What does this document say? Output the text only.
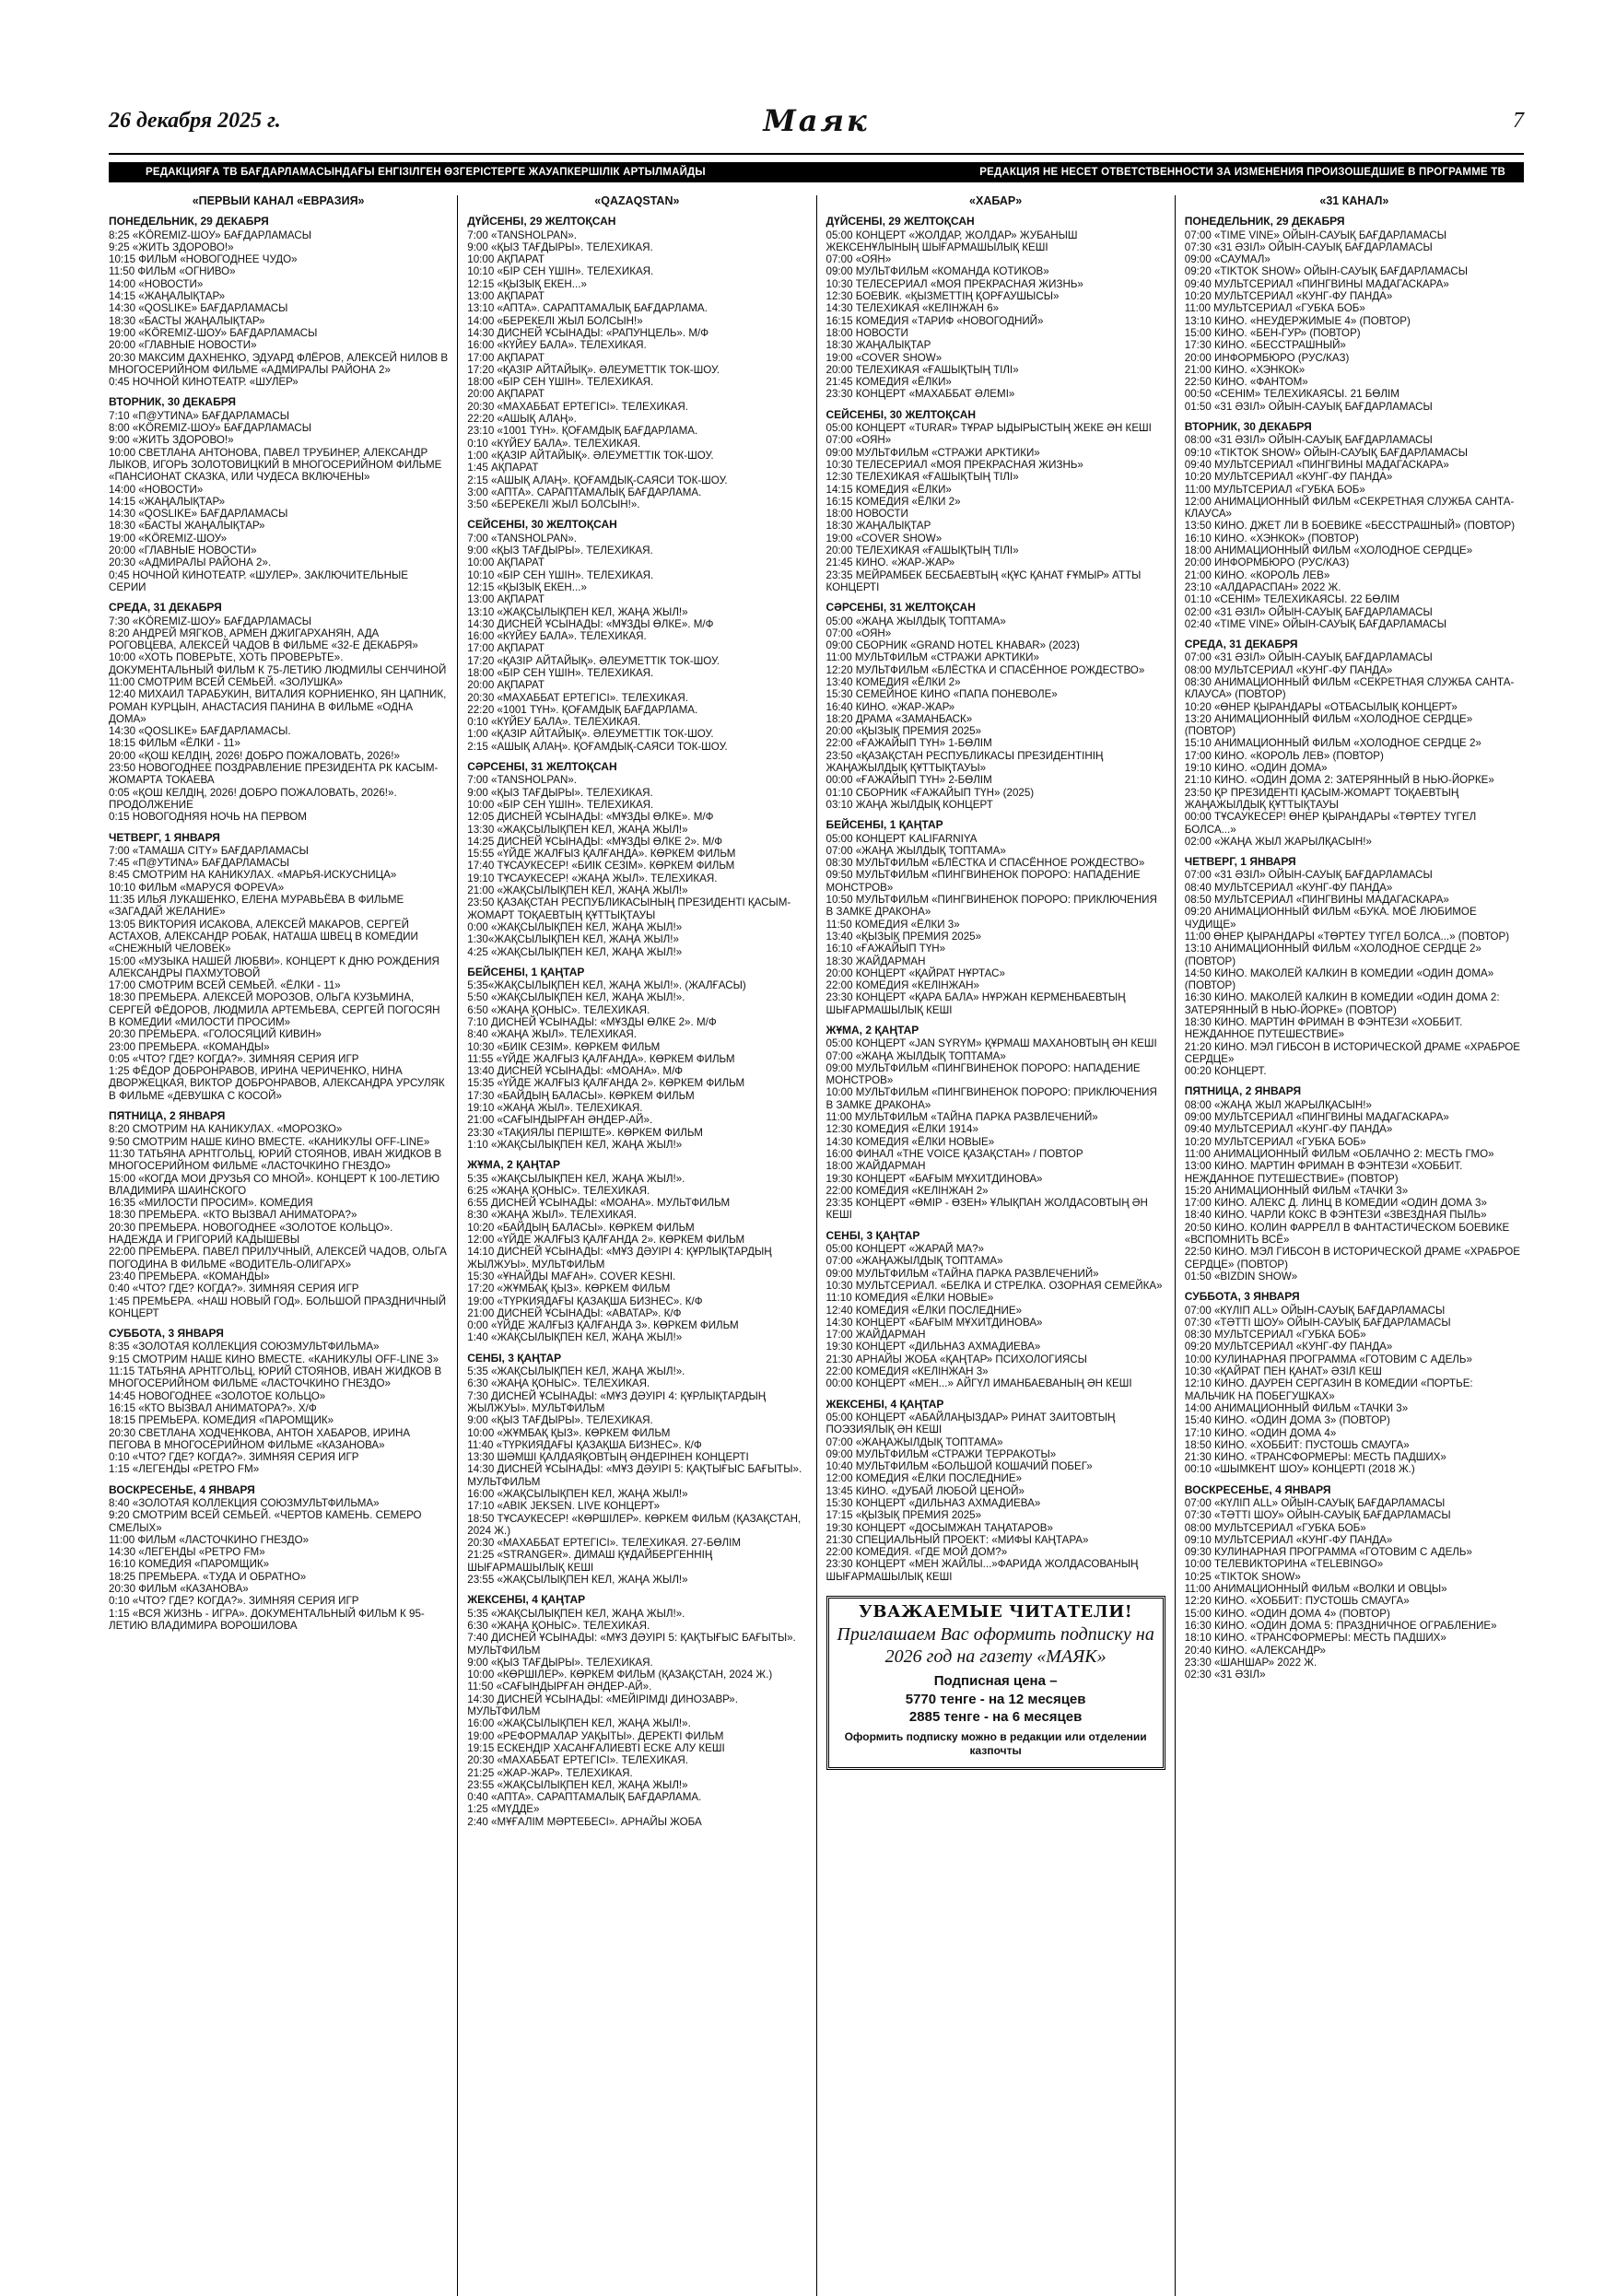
26 декабря 2025 г.	Маяк	7
РЕДАКЦИЯҒА ТВ БАҒДАРЛАМАСЫНДАҒЫ ЕНГІЗІЛГЕН ӨЗГЕРІСТЕРГЕ ЖАУАПКЕРШІЛІК АРТЫЛМАЙДЫ	РЕДАКЦИЯ НЕ НЕСЕТ ОТВЕТСТВЕННОСТИ ЗА ИЗМЕНЕНИЯ ПРОИЗОШЕДШИЕ В ПРОГРАММЕ ТВ
«ПЕРВЫЙ КАНАЛ «ЕВРАЗИЯ»
ПОНЕДЕЛЬНИК, 29 ДЕКАБРЯ
8:25 «KÖREMIZ-ШОУ» БАҒДАРЛАМАСЫ
9:25 «ЖИТЬ ЗДОРОВО!»
10:15 ФИЛЬМ «НОВОГОДНЕЕ ЧУДО»
11:50 ФИЛЬМ «ОГНИВО»
14:00 «НОВОСТИ»
14:15 «ЖАҢАЛЫҚТАР»
14:30 «QOSLIKE» БАҒДАРЛАМАСЫ
18:30 «БАСТЫ ЖАҢАЛЫҚТАР»
19:00 «KÖREMIZ-ШОУ» БАҒДАРЛАМАСЫ
20:00 «ГЛАВНЫЕ НОВОСТИ»
20:30 МАКСИМ ДАХНЕНКО, ЭДУАРД ФЛЁРОВ, АЛЕКСЕЙ НИЛОВ В МНОГОСЕРИЙНОМ ФИЛЬМЕ «АДМИРАЛЫ РАЙОНА 2»
0:45 НОЧНОЙ КИНОТЕАТР. «ШУЛЕР»
ВТОРНИК, 30 ДЕКАБРЯ
7:10 «П@УТИNA» БАҒДАРЛАМАСЫ
8:00 «KÖREMIZ-ШОУ» БАҒДАРЛАМАСЫ
9:00 «ЖИТЬ ЗДОРОВО!»
10:00 СВЕТЛАНА АНТОНОВА, ПАВЕЛ ТРУБИНЕР, АЛЕКСАНДР ЛЫКОВ, ИГОРЬ ЗОЛОТОВИЦКИЙ В МНОГОСЕРИЙНОМ ФИЛЬМЕ «ПАНСИОНАТ СКАЗКА, ИЛИ ЧУДЕСА ВКЛЮЧЕНЫ»
14:00 «НОВОСТИ»
14:15 «ЖАҢАЛЫҚТАР»
14:30 «QOSLIKE» БАҒДАРЛАМАСЫ
18:30 «БАСТЫ ЖАҢАЛЫҚТАР»
19:00 «KÖREMIZ-ШОУ»
20:00 «ГЛАВНЫЕ НОВОСТИ»
20:30 «АДМИРАЛЫ РАЙОНА 2».
0:45 НОЧНОЙ КИНОТЕАТР. «ШУЛЕР». ЗАКЛЮЧИТЕЛЬНЫЕ СЕРИИ
СРЕДА, 31 ДЕКАБРЯ
7:30 «KÖREMIZ-ШОУ» БАҒДАРЛАМАСЫ
8:20 АНДРЕЙ МЯГКОВ, АРМЕН ДЖИГАРХАНЯН, АДА РОГОВЦЕВА, АЛЕКСЕЙ ЧАДОВ В ФИЛЬМЕ «32-Е ДЕКАБРЯ»
10:00 «ХОТЬ ПОВЕРЬТЕ, ХОТЬ ПРОВЕРЬТЕ». ДОКУМЕНТАЛЬНЫЙ ФИЛЬМ К 75-ЛЕТИЮ ЛЮДМИЛЫ СЕНЧИНОЙ
11:00 СМОТРИМ ВСЕЙ СЕМЬЕЙ. «ЗОЛУШКА»
12:40 МИХАИЛ ТАРАБУКИН, ВИТАЛИЯ КОРНИЕНКО, ЯН ЦАПНИК, РОМАН КУРЦЫН, АНАСТАСИЯ ПАНИНА В ФИЛЬМЕ «ОДНА ДОМА»
14:30 «QOSLIKE» БАҒДАРЛАМАСЫ.
18:15 ФИЛЬМ «ЁЛКИ - 11»
20:00 «ҚОШ КЕЛДІҢ, 2026! ДОБРО ПОЖАЛОВАТЬ, 2026!»
23:50 НОВОГОДНЕЕ ПОЗДРАВЛЕНИЕ ПРЕЗИДЕНТА РК КАСЫМ-ЖОМАРТА ТОКАЕВА
0:05 «ҚОШ КЕЛДІҢ, 2026! ДОБРО ПОЖАЛОВАТЬ, 2026!». ПРОДОЛЖЕНИЕ
0:15 НОВОГОДНЯЯ НОЧЬ НА ПЕРВОМ
ЧЕТВЕРГ, 1 ЯНВАРЯ
7:00 «ТАМАША CITY» БАҒДАРЛАМАСЫ
7:45 «П@УТИNA» БАҒДАРЛАМАСЫ
8:45 СМОТРИМ НА КАНИКУЛАХ. «МАРЬЯ-ИСКУСНИЦА»
10:10 ФИЛЬМ «МАРУСЯ ФОРЕVA»
11:35 ИЛЬЯ ЛУКАШЕНКО, ЕЛЕНА МУРАВЬЁВА В ФИЛЬМЕ «ЗАГАДАЙ ЖЕЛАНИЕ»
13:05 ВИКТОРИЯ ИСАКОВА, АЛЕКСЕЙ МАКАРОВ, СЕРГЕЙ АСТАХОВ, АЛЕКСАНДР РОБАК, НАТАША ШВЕЦ В КОМЕДИИ «СНЕЖНЫЙ ЧЕЛОВЕК»
15:00 «МУЗЫКА НАШЕЙ ЛЮБВИ». КОНЦЕРТ К ДНЮ РОЖДЕНИЯ АЛЕКСАНДРЫ ПАХМУТОВОЙ
17:00 СМОТРИМ ВСЕЙ СЕМЬЕЙ. «ЁЛКИ - 11»
18:30 ПРЕМЬЕРА. АЛЕКСЕЙ МОРОЗОВ, ОЛЬГА КУЗЬМИНА, СЕРГЕЙ ФЁДОРОВ, ЛЮДМИЛА АРТЕМЬЕВА, СЕРГЕЙ ПОГОСЯН В КОМЕДИИ «МИЛОСТИ ПРОСИМ»
20:30 ПРЕМЬЕРА. «ГОЛОСЯЦИЙ КИВИН»
23:00 ПРЕМЬЕРА. «КОМАНДЫ»
0:05 «ЧТО? ГДЕ? КОГДА?». ЗИМНЯЯ СЕРИЯ ИГР
1:25 ФЁДОР ДОБРОНРАВОВ, ИРИНА ЧЕРИЧЕНКО, НИНА ДВОРЖЕЦКАЯ, ВИКТОР ДОБРОНРАВОВ, АЛЕКСАНДРА УРСУЛЯК В ФИЛЬМЕ «ДЕВУШКА С КОСОЙ»
ПЯТНИЦА, 2 ЯНВАРЯ
8:20 СМОТРИМ НА КАНИКУЛАХ. «МОРОЗКО»
9:50 СМОТРИМ НАШЕ КИНО ВМЕСТЕ. «КАНИКУЛЫ OFF-LINE»
11:30 ТАТЬЯНА АРНТГОЛЬЦ, ЮРИЙ СТОЯНОВ, ИВАН ЖИДКОВ В МНОГОСЕРИЙНОМ ФИЛЬМЕ «ЛАСТОЧКИНО ГНЕЗДО»
15:00 «КОГДА МОИ ДРУЗЬЯ СО МНОЙ». КОНЦЕРТ К 100-ЛЕТИЮ ВЛАДИМИРА ШАИНСКОГО
16:35 «МИЛОСТИ ПРОСИМ». КОМЕДИЯ
18:30 ПРЕМЬЕРА. «КТО ВЫЗВАЛ АНИМАТОРА?»
20:30 ПРЕМЬЕРА. НОВОГОДНЕЕ «ЗОЛОТОЕ КОЛЬЦО». НАДЕЖДА И ГРИГОРИЙ КАДЫШЕВЫ
22:00 ПРЕМЬЕРА. ПАВЕЛ ПРИЛУЧНЫЙ, АЛЕКСЕЙ ЧАДОВ, ОЛЬГА ПОГОДИНА В ФИЛЬМЕ «ВОДИТЕЛЬ-ОЛИГАРХ»
23:40 ПРЕМЬЕРА. «КОМАНДЫ»
0:40 «ЧТО? ГДЕ? КОГДА?». ЗИМНЯЯ СЕРИЯ ИГР
1:45 ПРЕМЬЕРА. «НАШ НОВЫЙ ГОД». БОЛЬШОЙ ПРАЗДНИЧНЫЙ КОНЦЕРТ
СУББОТА, 3 ЯНВАРЯ
8:35 «ЗОЛОТАЯ КОЛЛЕКЦИЯ СОЮЗМУЛЬТФИЛЬМА»
9:15 СМОТРИМ НАШЕ КИНО ВМЕСТЕ. «КАНИКУЛЫ OFF-LINE 3»
11:15 ТАТЬЯНА АРНТГОЛЬЦ, ЮРИЙ СТОЯНОВ, ИВАН ЖИДКОВ В МНОГОСЕРИЙНОМ ФИЛЬМЕ «ЛАСТОЧКИНО ГНЕЗДО»
14:45 НОВОГОДНЕЕ «ЗОЛОТОЕ КОЛЬЦО»
16:15 «КТО ВЫЗВАЛ АНИМАТОРА?». Х/Ф
18:15 ПРЕМЬЕРА. КОМЕДИЯ «ПАРОМЩИК»
20:30 СВЕТЛАНА ХОДЧЕНКОВА, АНТОН ХАБАРОВ, ИРИНА ПЕГОВА В МНОГОСЕРИЙНОМ ФИЛЬМЕ «КАЗАНОВА»
0:10 «ЧТО? ГДЕ? КОГДА?». ЗИМНЯЯ СЕРИЯ ИГР
1:15 «ЛЕГЕНДЫ «РЕТРО FM»
ВОСКРЕСЕНЬЕ, 4 ЯНВАРЯ
8:40 «ЗОЛОТАЯ КОЛЛЕКЦИЯ СОЮЗМУЛЬТФИЛЬМА»
9:20 СМОТРИМ ВСЕЙ СЕМЬЕЙ. «ЧЕРТОВ КАМЕНЬ. СЕМЕРО СМЕЛЫХ»
11:00 ФИЛЬМ «ЛАСТОЧКИНО ГНЕЗДО»
14:30 «ЛЕГЕНДЫ «РЕТРО FM»
16:10 КОМЕДИЯ «ПАРОМЩИК»
18:25 ПРЕМЬЕРА. «ТУДА И ОБРАТНО»
20:30 ФИЛЬМ «КАЗАНОВА»
0:10 «ЧТО? ГДЕ? КОГДА?». ЗИМНЯЯ СЕРИЯ ИГР
1:15 «ВСЯ ЖИЗНЬ - ИГРА». ДОКУМЕНТАЛЬНЫЙ ФИЛЬМ К 95-ЛЕТИЮ ВЛАДИМИРА ВОРОШИЛОВА
«QAZAQSTAN»
ДҮЙСЕНБІ, 29 ЖЕЛТОҚСАН
7:00 «TANSHOLPAN».
9:00 «ҚЫЗ ТАҒДЫРЫ». ТЕЛЕХИКАЯ.
10:00 АҚПАРАТ
10:10 «БІР СЕН ҮШІН». ТЕЛЕХИКАЯ.
12:15 «ҚЫЗЫҚ ЕКЕН...»
13:00 АҚПАРАТ
13:10 «АПТА». САРАПТАМАЛЫҚ БАҒДАРЛАМА.
14:00 «БЕРЕКЕЛІ ЖЫЛ БОЛСЫН!»
14:30 ДИСНЕЙ ҰСЫНАДЫ: «РАПУНЦЕЛЬ». М/Ф
16:00 «КҮЙЕУ БАЛА». ТЕЛЕХИКАЯ.
17:00 АҚПАРАТ
17:20 «ҚАЗІР АЙТАЙЫҚ». ӘЛЕУМЕТТІК ТОК-ШОУ.
18:00 «БІР СЕН ҮШІН». ТЕЛЕХИКАЯ.
20:00 АҚПАРАТ
20:30 «МАХАББАТ ЕРТЕГІСІ». ТЕЛЕХИКАЯ.
22:20 «АШЫҚ АЛАҢ».
23:10 «1001 ТҮН». ҚОҒАМДЫҚ БАҒДАРЛАМА.
0:10 «КҮЙЕУ БАЛА». ТЕЛЕХИКАЯ.
1:00 «ҚАЗІР АЙТАЙЫҚ». ӘЛЕУМЕТТІК ТОК-ШОУ.
1:45 АҚПАРАТ
2:15 «АШЫҚ АЛАҢ». ҚОҒАМДЫҚ-САЯСИ ТОК-ШОУ.
3:00 «АПТА». САРАПТАМАЛЫҚ БАҒДАРЛАМА.
3:50 «БЕРЕКЕЛІ ЖЫЛ БОЛСЫН!».
СЕЙСЕНБІ, 30 ЖЕЛТОҚСАН
7:00 «TANSHOLPAN».
9:00 «ҚЫЗ ТАҒДЫРЫ». ТЕЛЕХИКАЯ.
10:00 АҚПАРАТ
10:10 «БІР СЕН ҮШІН». ТЕЛЕХИКАЯ.
12:15 «ҚЫЗЫҚ ЕКЕН...»
13:00 АҚПАРАТ
13:10 «ЖАҚСЫЛЫҚПЕН КЕЛ, ЖАҢА ЖЫЛ!»
14:30 ДИСНЕЙ ҰСЫНАДЫ: «МҰЗДЫ ӨЛКЕ». М/Ф
16:00 «КҮЙЕУ БАЛА». ТЕЛЕХИКАЯ.
17:00 АҚПАРАТ
17:20 «ҚАЗІР АЙТАЙЫҚ». ӘЛЕУМЕТТІК ТОК-ШОУ.
18:00 «БІР СЕН ҮШІН». ТЕЛЕХИКАЯ.
20:00 АҚПАРАТ
20:30 «МАХАББАТ ЕРТЕГІСІ». ТЕЛЕХИКАЯ.
22:20 «1001 ТҮН». ҚОҒАМДЫҚ БАҒДАРЛАМА.
0:10 «КҮЙЕУ БАЛА». ТЕЛЕХИКАЯ.
1:00 «ҚАЗІР АЙТАЙЫҚ». ӘЛЕУМЕТТІК ТОК-ШОУ.
2:15 «АШЫҚ АЛАҢ». ҚОҒАМДЫҚ-САЯСИ ТОК-ШОУ.
СӘРСЕНБІ, 31 ЖЕЛТОҚСАН
7:00 «TANSHOLPAN».
9:00 «ҚЫЗ ТАҒДЫРЫ». ТЕЛЕХИКАЯ.
10:00 «БІР СЕН ҮШІН». ТЕЛЕХИКАЯ.
12:05 ДИСНЕЙ ҰСЫНАДЫ: «МҰЗДЫ ӨЛКЕ». М/Ф
13:30 «ЖАҚСЫЛЫҚПЕН КЕЛ, ЖАҢА ЖЫЛ!»
14:25 ДИСНЕЙ ҰСЫНАДЫ: «МҰЗДЫ ӨЛКЕ 2». М/Ф
15:55 «ҮЙДЕ ЖАЛҒЫЗ ҚАЛҒАНДА». КӨРКЕМ ФИЛЬМ
17:40 ТҰСАУКЕСЕР! «БИІК СЕЗІМ». КӨРКЕМ ФИЛЬМ
19:10 ТҰСАУКЕСЕР! «ЖАҢА ЖЫЛ». ТЕЛЕХИКАЯ.
21:00 «ЖАҚСЫЛЫҚПЕН КЕЛ, ЖАҢА ЖЫЛ!»
23:50 ҚАЗАҚСТАН РЕСПУБЛИКАСЫНЫҢ ПРЕЗИДЕНТІ ҚАСЫМ-ЖОМАРТ ТОҚАЕВТЫҢ ҚҰТТЫҚТАУЫ
0:00 «ЖАҚСЫЛЫҚПЕН КЕЛ, ЖАҢА ЖЫЛ!»
1:30«ЖАҚСЫЛЫҚПЕН КЕЛ, ЖАҢА ЖЫЛ!»
4:25 «ЖАҚСЫЛЫҚПЕН КЕЛ, ЖАҢА ЖЫЛ!»
БЕЙСЕНБІ, 1 ҚАҢТАР
5:35«ЖАҚСЫЛЫҚПЕН КЕЛ, ЖАҢА ЖЫЛ!». (ЖАЛҒАСЫ)
5:50 «ЖАҚСЫЛЫҚПЕН КЕЛ, ЖАҢА ЖЫЛ!».
6:50 «ЖАҢА ҚОНЫС». ТЕЛЕХИКАЯ.
7:10 ДИСНЕЙ ҰСЫНАДЫ: «МҰЗДЫ ӨЛКЕ 2». М/Ф
8:40 «ЖАҢА ЖЫЛ». ТЕЛЕХИКАЯ.
10:30 «БИІК СЕЗІМ». КӨРКЕМ ФИЛЬМ
11:55 «ҮЙДЕ ЖАЛҒЫЗ ҚАЛҒАНДА». КӨРКЕМ ФИЛЬМ
13:40 ДИСНЕЙ ҰСЫНАДЫ: «МОАНА». М/Ф
15:35 «ҮЙДЕ ЖАЛҒЫЗ ҚАЛҒАНДА 2». КӨРКЕМ ФИЛЬМ
17:30 «БАЙДЫҢ БАЛАСЫ». КӨРКЕМ ФИЛЬМ
19:10 «ЖАҢА ЖЫЛ». ТЕЛЕХИКАЯ.
21:00 «САҒЫНДЫРҒАН ӘНДЕР-АЙ».
23:30 «ТАҚИЯЛЫ ПЕРІШТЕ». КӨРКЕМ ФИЛЬМ
1:10 «ЖАҚСЫЛЫҚПЕН КЕЛ, ЖАҢА ЖЫЛ!»
ЖҰМА, 2 ҚАҢТАР
5:35 «ЖАҚСЫЛЫҚПЕН КЕЛ, ЖАҢА ЖЫЛ!».
6:25 «ЖАҢА ҚОНЫС». ТЕЛЕХИКАЯ.
6:55 ДИСНЕЙ ҰСЫНАДЫ: «МОАНА». МУЛЬТФИЛЬМ
8:30 «ЖАҢА ЖЫЛ». ТЕЛЕХИКАЯ.
10:20 «БАЙДЫҢ БАЛАСЫ». КӨРКЕМ ФИЛЬМ
12:00 «ҮЙДЕ ЖАЛҒЫЗ ҚАЛҒАНДА 2». КӨРКЕМ ФИЛЬМ
14:10 ДИСНЕЙ ҰСЫНАДЫ: «МҰЗ ДӘУІРІ 4: ҚҰРЛЫҚТАРДЫҢ ЖЫЛЖУЫ». МУЛЬТФИЛЬМ
15:30 «ҰНАЙДЫ МАҒАН». COVER KESHI.
17:20 «ЖҰМБАҚ ҚЫЗ». КӨРКЕМ ФИЛЬМ
19:00 «ТҮРКИЯДАҒЫ ҚАЗАҚША БИЗНЕС». К/Ф
21:00 ДИСНЕЙ ҰСЫНАДЫ: «АВАТАР». К/Ф
0:00 «ҮЙДЕ ЖАЛҒЫЗ ҚАЛҒАНДА 3». КӨРКЕМ ФИЛЬМ
1:40 «ЖАҚСЫЛЫҚПЕН КЕЛ, ЖАҢА ЖЫЛ!»
СЕНБІ, 3 ҚАҢТАР
5:35 «ЖАҚСЫЛЫҚПЕН КЕЛ, ЖАҢА ЖЫЛ!».
6:30 «ЖАҢА ҚОНЫС». ТЕЛЕХИКАЯ.
7:30 ДИСНЕЙ ҰСЫНАДЫ: «МҰЗ ДӘУІРІ 4: ҚҰРЛЫҚТАРДЫҢ ЖЫЛЖУЫ». МУЛЬТФИЛЬМ
9:00 «ҚЫЗ ТАҒДЫРЫ». ТЕЛЕХИКАЯ.
10:00 «ЖҰМБАҚ ҚЫЗ». КӨРКЕМ ФИЛЬМ
11:40 «ТҮРКИЯДАҒЫ ҚАЗАҚША БИЗНЕС». К/Ф
13:30 ШӘМШІ ҚАЛДАЯҚОВТЫҢ ӘНДЕРІНЕН КОНЦЕРТІ
14:30 ДИСНЕЙ ҰСЫНАДЫ: «МҰЗ ДӘУІРІ 5: ҚАҚТЫҒЫС БАҒЫТЫ». МУЛЬТФИЛЬМ
16:00 «ЖАҚСЫЛЫҚПЕН КЕЛ, ЖАҢА ЖЫЛ!»
17:10 «ABIK JEKSEN. LIVE КОНЦЕРТ»
18:50 ТҰСАУКЕСЕР! «КӨРШІЛЕР». КӨРКЕМ ФИЛЬМ (ҚАЗАҚСТАН, 2024 Ж.)
20:30 «МАХАББАТ ЕРТЕГІСІ». ТЕЛЕХИКАЯ. 27-БӨЛІМ
21:25 «STRANGER». ДИМАШ ҚҰДАЙБЕРГЕННІҢ ШЫҒАРМАШЫЛЫҚ КЕШІ
23:55 «ЖАҚСЫЛЫҚПЕН КЕЛ, ЖАҢА ЖЫЛ!»
ЖЕКСЕНБІ, 4 ҚАҢТАР
5:35 «ЖАҚСЫЛЫҚПЕН КЕЛ, ЖАҢА ЖЫЛ!».
6:30 «ЖАҢА ҚОНЫС». ТЕЛЕХИКАЯ.
7:40 ДИСНЕЙ ҰСЫНАДЫ: «МҰЗ ДӘУІРІ 5: ҚАҚТЫҒЫС БАҒЫТЫ». МУЛЬТФИЛЬМ
9:00 «ҚЫЗ ТАҒДЫРЫ». ТЕЛЕХИКАЯ.
10:00 «КӨРШІЛЕР». КӨРКЕМ ФИЛЬМ (ҚАЗАҚСТАН, 2024 Ж.)
11:50 «САҒЫНДЫРҒАН ӘНДЕР-АЙ».
14:30 ДИСНЕЙ ҰСЫНАДЫ: «МЕЙІРІМДІ ДИНОЗАВР». МУЛЬТФИЛЬМ
16:00 «ЖАҚСЫЛЫҚПЕН КЕЛ, ЖАҢА ЖЫЛ!».
19:00 «РЕФОРМАЛАР УАҚЫТЫ». ДЕРЕКТІ ФИЛЬМ
19:15 ЕСКЕНДІР ХАСАНҒАЛИЕВТІ ЕСКЕ АЛУ КЕШІ
20:30 «МАХАББАТ ЕРТЕГІСІ». ТЕЛЕХИКАЯ.
21:25 «ЖАР-ЖАР». ТЕЛЕХИКАЯ.
23:55 «ЖАҚСЫЛЫҚПЕН КЕЛ, ЖАҢА ЖЫЛ!»
0:40 «АПТА». САРАПТАМАЛЫҚ БАҒДАРЛАМА.
1:25 «МҮДДЕ»
2:40 «МҰҒАЛІМ МӘРТЕБЕСІ». АРНАЙЫ ЖОБА
«ХАБАР»
ДҮЙСЕНБІ, 29 ЖЕЛТОҚСАН
05:00 КОНЦЕРТ «ЖОЛДАР, ЖОЛДАР» ЖУБАНЫШ ЖЕКСЕНҰЛЫНЫҢ ШЫҒАРМАШЫЛЫҚ КЕШІ
07:00 «ОЯН»
09:00 МУЛЬТФИЛЬМ «КОМАНДА КОТИКОВ»
10:30 ТЕЛЕСЕРИАЛ «МОЯ ПРЕКРАСНАЯ ЖИЗНЬ»
12:30 БОЕВИК. «ҚЫЗМЕТТІҢ ҚОРҒАУШЫСЫ»
14:30 ТЕЛЕХИКАЯ «КЕЛІНЖАН 6»
16:15 КОМЕДИЯ «ТАРИФ «НОВОГОДНИЙ»
18:00 НОВОСТИ
18:30 ЖАҢАЛЫҚТАР
19:00 «COVER SHOW»
20:00 ТЕЛЕХИКАЯ «ҒАШЫҚТЫҢ ТІЛІ»
21:45 КОМЕДИЯ «ЁЛКИ»
23:30 КОНЦЕРТ «МАХАББАТ ӘЛЕМІ»
СЕЙСЕНБІ, 30 ЖЕЛТОҚСАН
05:00 КОНЦЕРТ «TURAR» ТҰРАР ЫДЫРЫСТЫҢ ЖЕКЕ ӘН КЕШІ
07:00 «ОЯН»
09:00 МУЛЬТФИЛЬМ «СТРАЖИ АРКТИКИ»
10:30 ТЕЛЕСЕРИАЛ «МОЯ ПРЕКРАСНАЯ ЖИЗНЬ»
12:30 ТЕЛЕХИКАЯ «ҒАШЫҚТЫҢ ТІЛІ»
14:15 КОМЕДИЯ «ЁЛКИ»
16:15 КОМЕДИЯ «ЁЛКИ 2»
18:00 НОВОСТИ
18:30 ЖАҢАЛЫҚТАР
19:00 «COVER SHOW»
20:00 ТЕЛЕХИКАЯ «ҒАШЫҚТЫҢ ТІЛІ»
21:45 КИНО. «ЖАР-ЖАР»
23:35 МЕЙРАМБЕК БЕСБАЕВТЫҢ «ҚҰС ҚАНАТ ҒҰМЫР» АТТЫ КОНЦЕРТІ
СӘРСЕНБІ, 31 ЖЕЛТОҚСАН
05:00 «ЖАҢА ЖЫЛДЫҚ ТОПТАМА»
07:00 «ОЯН»
09:00 СБОРНИК «GRAND HOTEL KHABAR» (2023)
11:00 МУЛЬТФИЛЬМ «СТРАЖИ АРКТИКИ»
12:20 МУЛЬТФИЛЬМ «БЛЁСТКА И СПАСЁННОЕ РОЖДЕСТВО»
13:40 КОМЕДИЯ «ЁЛКИ 2»
15:30 СЕМЕЙНОЕ КИНО «ПАПА ПОНЕВОЛЕ»
16:40 КИНО. «ЖАР-ЖАР»
18:20 ДРАМА «ЗАМАНБАСК»
20:00 «ҚЫЗЫҚ ПРЕМИЯ 2025»
22:00 «ҒАЖАЙЫП ТҮН» 1-БӨЛІМ
23:50 «ҚАЗАҚСТАН РЕСПУБЛИКАСЫ ПРЕЗИДЕНТІНІҢ ЖАҢАЖЫЛДЫҚ ҚҰТТЫҚТАУЫ»
00:00 «ҒАЖАЙЫП ТҮН» 2-БӨЛІМ
01:10 СБОРНИК «ҒАЖАЙЫП ТҮН» (2025)
03:10 ЖАҢА ЖЫЛДЫҚ КОНЦЕРТ
БЕЙСЕНБІ, 1 ҚАҢТАР
05:00 КОНЦЕРТ KALIFARNIYA
07:00 «ЖАҢА ЖЫЛДЫҚ ТОПТАМА»
08:30 МУЛЬТФИЛЬМ «БЛЁСТКА И СПАСЁННОЕ РОЖДЕСТВО»
09:50 МУЛЬТФИЛЬМ «ПИНГВИНЕНОК ПОРОРО: НАПАДЕНИЕ МОНСТРОВ»
10:50 МУЛЬТФИЛЬМ «ПИНГВИНЕНОК ПОРОРО: ПРИКЛЮЧЕНИЯ В ЗАМКЕ ДРАКОНА»
11:50 КОМЕДИЯ «ЁЛКИ 3»
13:40 «ҚЫЗЫҚ ПРЕМИЯ 2025»
16:10 «ҒАЖАЙЫП ТҮН»
18:30 ЖАЙДАРМАН
20:00 КОНЦЕРТ «ҚАЙРАТ НҰРТАС»
22:00 КОМЕДИЯ «КЕЛІНЖАН»
23:30 КОНЦЕРТ «ҚАРА БАЛА» НҰРЖАН КЕРМЕНБАЕВТЫҢ ШЫҒАРМАШЫЛЫҚ КЕШІ
ЖҰМА, 2 ҚАҢТАР
05:00 КОНЦЕРТ «JAN SYRYM» ҚҰРМАШ МАХАНОВТЫҢ ӘН КЕШІ
07:00 «ЖАҢА ЖЫЛДЫҚ ТОПТАМА»
09:00 МУЛЬТФИЛЬМ «ПИНГВИНЕНОК ПОРОРО: НАПАДЕНИЕ МОНСТРОВ»
10:00 МУЛЬТФИЛЬМ «ПИНГВИНЕНОК ПОРОРО: ПРИКЛЮЧЕНИЯ В ЗАМКЕ ДРАКОНА»
11:00 МУЛЬТФИЛЬМ «ТАЙНА ПАРКА РАЗВЛЕЧЕНИЙ»
12:30 КОМЕДИЯ «ЁЛКИ 1914»
14:30 КОМЕДИЯ «ЁЛКИ НОВЫЕ»
16:00 ФИНАЛ «THE VOICE ҚАЗАҚСТАН» / ПОВТОР
18:00 ЖАЙДАРМАН
19:30 КОНЦЕРТ «БАҒЫМ МҰХИТДИНОВА»
22:00 КОМЕДИЯ «КЕЛІНЖАН 2»
23:35 КОНЦЕРТ «ӨМІР - ӨЗЕН» ҰЛЫҚПАН ЖОЛДАСОВТЫҢ ӘН КЕШІ
СЕНБІ, 3 ҚАҢТАР
05:00 КОНЦЕРТ «ЖАРАЙ МА?»
07:00 «ЖАҢАЖЫЛДЫҚ ТОПТАМА»
09:00 МУЛЬТФИЛЬМ «ТАЙНА ПАРКА РАЗВЛЕЧЕНИЙ»
10:30 МУЛЬТСЕРИАЛ. «БЕЛКА И СТРЕЛКА. ОЗОРНАЯ СЕМЕЙКА»
11:10 КОМЕДИЯ «ЁЛКИ НОВЫЕ»
12:40 КОМЕДИЯ «ЁЛКИ ПОСЛЕДНИЕ»
14:30 КОНЦЕРТ «БАҒЫМ МҰХИТДИНОВА»
17:00 ЖАЙДАРМАН
19:30 КОНЦЕРТ «ДИЛЬНАЗ АХМАДИЕВА»
21:30 АРНАЙЫ ЖОБА «ҚАҢТАР» ПСИХОЛОГИЯСЫ
22:00 КОМЕДИЯ «КЕЛІНЖАН 3»
00:00 КОНЦЕРТ «МЕН...» АЙГҮЛ ИМАНБАЕВАНЫҢ ӘН КЕШІ
ЖЕКСЕНБІ, 4 ҚАҢТАР
05:00 КОНЦЕРТ «АБАЙЛАҢЫЗДАР» РИНАТ ЗАИТОВТЫҢ ПОЭЗИЯЛЫҚ ӘН КЕШІ
07:00 «ЖАҢАЖЫЛДЫҚ ТОПТАМА»
09:00 МУЛЬТФИЛЬМ «СТРАЖИ ТЕРРАКОТЫ»
10:40 МУЛЬТФИЛЬМ «БОЛЬШОЙ КОШАЧИЙ ПОБЕГ»
12:00 КОМЕДИЯ «ЁЛКИ ПОСЛЕДНИЕ»
13:45 КИНО. «ДУБАЙ ЛЮБОЙ ЦЕНОЙ»
15:30 КОНЦЕРТ «ДИЛЬНАЗ АХМАДИЕВА»
17:15 «ҚЫЗЫҚ ПРЕМИЯ 2025»
19:30 КОНЦЕРТ «ДОСЫМЖАН ТАҢАТАРОВ»
21:30 СПЕЦИАЛЬНЫЙ ПРОЕКТ: «МИФЫ КАҢТАРА»
22:00 КОМЕДИЯ. «ГДЕ МОЙ ДОМ?»
23:30 КОНЦЕРТ «МЕН ЖАЙЛЫ...»ФАРИДА ЖОЛДАСОВАНЫҢ ШЫҒАРМАШЫЛЫҚ КЕШІ
УВАЖАЕМЫЕ ЧИТАТЕЛИ!
Приглашаем Вас оформить подписку на 2026 год на газету «МАЯК»
Подписная цена –
5770 тенге - на 12 месяцев
2885 тенге - на 6 месяцев
Оформить подписку можно в редакции или отделении казпочты
«31 КАНАЛ»
ПОНЕДЕЛЬНИК, 29 ДЕКАБРЯ
07:00 «TIME VINE» ОЙЫН-САУЫҚ БАҒДАРЛАМАСЫ
07:30 «31 ӘЗІЛ» ОЙЫН-САУЫҚ БАҒДАРЛАМАСЫ
09:00 «САУМАЛ»
09:20 «TIKTOK SHOW» ОЙЫН-САУЫҚ БАҒДАРЛАМАСЫ
09:40 МУЛЬТСЕРИАЛ «ПИНГВИНЫ МАДАГАСКАРА»
10:20 МУЛЬТСЕРИАЛ «КУНГ-ФУ ПАНДА»
11:00 МУЛЬТСЕРИАЛ «ГУБКА БОБ»
13:10 КИНО. «НЕУДЕРЖИМЫЕ 4» (ПОВТОР)
15:00 КИНО. «БЕН-ГУР» (ПОВТОР)
17:30 КИНО. «БЕССТРАШНЫЙ»
20:00 ИНФОРМБЮРО (РУС/КАЗ)
21:00 КИНО. «ХЭНКОК»
22:50 КИНО. «ФАНТОМ»
00:50 «СЕНІМ» ТЕЛЕХИКАЯСЫ. 21 БӨЛІМ
01:50 «31 ӘЗІЛ» ОЙЫН-САУЫҚ БАҒДАРЛАМАСЫ
ВТОРНИК, 30 ДЕКАБРЯ
08:00 «31 ӘЗІЛ» ОЙЫН-САУЫҚ БАҒДАРЛАМАСЫ
09:10 «TIKTOK SHOW» ОЙЫН-САУЫҚ БАҒДАРЛАМАСЫ
09:40 МУЛЬТСЕРИАЛ «ПИНГВИНЫ МАДАГАСКАРА»
10:20 МУЛЬТСЕРИАЛ «КУНГ-ФУ ПАНДА»
11:00 МУЛЬТСЕРИАЛ «ГУБКА БОБ»
12:00 АНИМАЦИОННЫЙ ФИЛЬМ «СЕКРЕТНАЯ СЛУЖБА САНТА-КЛАУСА»
13:50 КИНО. ДЖЕТ ЛИ В БОЕВИКЕ «БЕССТРАШНЫЙ» (ПОВТОР)
16:10 КИНО. «ХЭНКОК» (ПОВТОР)
18:00 АНИМАЦИОННЫЙ ФИЛЬМ «ХОЛОДНОЕ СЕРДЦЕ»
20:00 ИНФОРМБЮРО (РУС/КАЗ)
21:00 КИНО. «КОРОЛЬ ЛЕВ»
23:10 «АЛДАРАСПАН» 2022 Ж.
01:10 «СЕНІМ» ТЕЛЕХИКАЯСЫ. 22 БӨЛІМ
02:00 «31 ӘЗІЛ» ОЙЫН-САУЫҚ БАҒДАРЛАМАСЫ
02:40 «TIME VINE» ОЙЫН-САУЫҚ БАҒДАРЛАМАСЫ
СРЕДА, 31 ДЕКАБРЯ
07:00 «31 ӘЗІЛ» ОЙЫН-САУЫҚ БАҒДАРЛАМАСЫ
08:00 МУЛЬТСЕРИАЛ «КУНГ-ФУ ПАНДА»
08:30 АНИМАЦИОННЫЙ ФИЛЬМ «СЕКРЕТНАЯ СЛУЖБА САНТА-КЛАУСА» (ПОВТОР)
10:20 «ӨНЕР ҚЫРАНДАРЫ «ОТБАСЫЛЫҚ КОНЦЕРТ»
13:20 АНИМАЦИОННЫЙ ФИЛЬМ «ХОЛОДНОЕ СЕРДЦЕ» (ПОВТОР)
15:10 АНИМАЦИОННЫЙ ФИЛЬМ «ХОЛОДНОЕ СЕРДЦЕ 2»
17:00 КИНО. «КОРОЛЬ ЛЕВ» (ПОВТОР)
19:10 КИНО. «ОДИН ДОМА»
21:10 КИНО. «ОДИН ДОМА 2: ЗАТЕРЯННЫЙ В НЬЮ-ЙОРКЕ»
23:50 ҚР ПРЕЗИДЕНТІ ҚАСЫМ-ЖОМАРТ ТОҚАЕВТЫҢ ЖАҢАЖЫЛДЫҚ ҚҰТТЫҚТАУЫ
00:00 ТҰСАУКЕСЕР! ӨНЕР ҚЫРАНДАРЫ «ТӨРТЕУ ТҮГЕЛ БОЛСА...»
02:00 «ЖАҢА ЖЫЛ ЖАРЫЛҚАСЫН!»
ЧЕТВЕРГ, 1 ЯНВАРЯ
07:00 «31 ӘЗІЛ» ОЙЫН-САУЫҚ БАҒДАРЛАМАСЫ
08:40 МУЛЬТСЕРИАЛ «КУНГ-ФУ ПАНДА»
08:50 МУЛЬТСЕРИАЛ «ПИНГВИНЫ МАДАГАСКАРА»
09:20 АНИМАЦИОННЫЙ ФИЛЬМ «БУКА. МОЁ ЛЮБИМОЕ ЧУДИЩЕ»
11:00 ӨНЕР ҚЫРАНДАРЫ «ТӨРТЕУ ТҮГЕЛ БОЛСА...» (ПОВТОР)
13:10 АНИМАЦИОННЫЙ ФИЛЬМ «ХОЛОДНОЕ СЕРДЦЕ 2» (ПОВТОР)
14:50 КИНО. МАКОЛЕЙ КАЛКИН В КОМЕДИИ «ОДИН ДОМА» (ПОВТОР)
16:30 КИНО. МАКОЛЕЙ КАЛКИН В КОМЕДИИ «ОДИН ДОМА 2: ЗАТЕРЯННЫЙ В НЬЮ-ЙОРКЕ» (ПОВТОР)
18:30 КИНО. МАРТИН ФРИМАН В ФЭНТЕЗИ «ХОББИТ. НЕЖДАННОЕ ПУТЕШЕСТВИЕ»
21:20 КИНО. МЭЛ ГИБСОН В ИСТОРИЧЕСКОЙ ДРАМЕ «ХРАБРОЕ СЕРДЦЕ»
00:20 КОНЦЕРТ.
ПЯТНИЦА, 2 ЯНВАРЯ
08:00 «ЖАҢА ЖЫЛ ЖАРЫЛҚАСЫН!»
09:00 МУЛЬТСЕРИАЛ «ПИНГВИНЫ МАДАГАСКАРА»
09:40 МУЛЬТСЕРИАЛ «КУНГ-ФУ ПАНДА»
10:20 МУЛЬТСЕРИАЛ «ГУБКА БОБ»
11:00 АНИМАЦИОННЫЙ ФИЛЬМ «ОБЛАЧНО 2: МЕСТЬ ГМО»
13:00 КИНО. МАРТИН ФРИМАН В ФЭНТЕЗИ «ХОББИТ. НЕЖДАННОЕ ПУТЕШЕСТВИЕ» (ПОВТОР)
15:20 АНИМАЦИОННЫЙ ФИЛЬМ «ТАЧКИ 3»
17:00 КИНО. АЛЕКС Д. ЛИНЦ В КОМЕДИИ «ОДИН ДОМА 3»
18:40 КИНО. ЧАРЛИ КОКС В ФЭНТЕЗИ «ЗВЕЗДНАЯ ПЫЛЬ»
20:50 КИНО. КОЛИН ФАРРЕЛЛ В ФАНТАСТИЧЕСКОМ БОЕВИКЕ «ВСПОМНИТЬ ВСЁ»
22:50 КИНО. МЭЛ ГИБСОН В ИСТОРИЧЕСКОЙ ДРАМЕ «ХРАБРОЕ СЕРДЦЕ» (ПОВТОР)
01:50 «BIZDIN SHOW»
СУББОТА, 3 ЯНВАРЯ
07:00 «КҮЛІП ALL» ОЙЫН-САУЫҚ БАҒДАРЛАМАСЫ
07:30 «ТӘТТІ ШОУ» ОЙЫН-САУЫҚ БАҒДАРЛАМАСЫ
08:30 МУЛЬТСЕРИАЛ «ГУБКА БОБ»
09:20 МУЛЬТСЕРИАЛ «КУНГ-ФУ ПАНДА»
10:00 КУЛИНАРНАЯ ПРОГРАММА «ГОТОВИМ С АДЕЛЬ»
10:30 «ҚАЙРАТ ПЕН ҚАНАТ» ӘЗІЛ КЕШ
12:10 КИНО. ДАУРЕН СЕРГАЗИН В КОМЕДИИ «ПОРТЬЕ: МАЛЬЧИК НА ПОБЕГУШКАХ»
14:00 АНИМАЦИОННЫЙ ФИЛЬМ «ТАЧКИ 3»
15:40 КИНО. «ОДИН ДОМА 3» (ПОВТОР)
17:10 КИНО. «ОДИН ДОМА 4»
18:50 КИНО. «ХОББИТ: ПУСТОШЬ СМАУГА»
21:30 КИНО. «ТРАНСФОРМЕРЫ: МЕСТЬ ПАДШИХ»
00:10 «ШЫМКЕНТ ШОУ» КОНЦЕРТІ (2018 Ж.)
ВОСКРЕСЕНЬЕ, 4 ЯНВАРЯ
07:00 «КҮЛІП ALL» ОЙЫН-САУЫҚ БАҒДАРЛАМАСЫ
07:30 «ТӘТТІ ШОУ» ОЙЫН-САУЫҚ БАҒДАРЛАМАСЫ
08:00 МУЛЬТСЕРИАЛ «ГУБКА БОБ»
09:10 МУЛЬТСЕРИАЛ «КУНГ-ФУ ПАНДА»
09:30 КУЛИНАРНАЯ ПРОГРАММА «ГОТОВИМ С АДЕЛЬ»
10:00 ТЕЛЕВИКТОРИНА «TELEBINGO»
10:25 «TIKTOK SHOW»
11:00 АНИМАЦИОННЫЙ ФИЛЬМ «ВОЛКИ И ОВЦЫ»
12:20 КИНО. «ХОББИТ: ПУСТОШЬ СМАУГА»
15:00 КИНО. «ОДИН ДОМА 4» (ПОВТОР)
16:30 КИНО. «ОДИН ДОМА 5: ПРАЗДНИЧНОЕ ОГРАБЛЕНИЕ»
18:10 КИНО. «ТРАНСФОРМЕРЫ: МЕСТЬ ПАДШИХ»
20:40 КИНО. «АЛЕКСАНДР»
23:30 «ШАНШАР» 2022 Ж.
02:30 «31 ӘЗІЛ»
